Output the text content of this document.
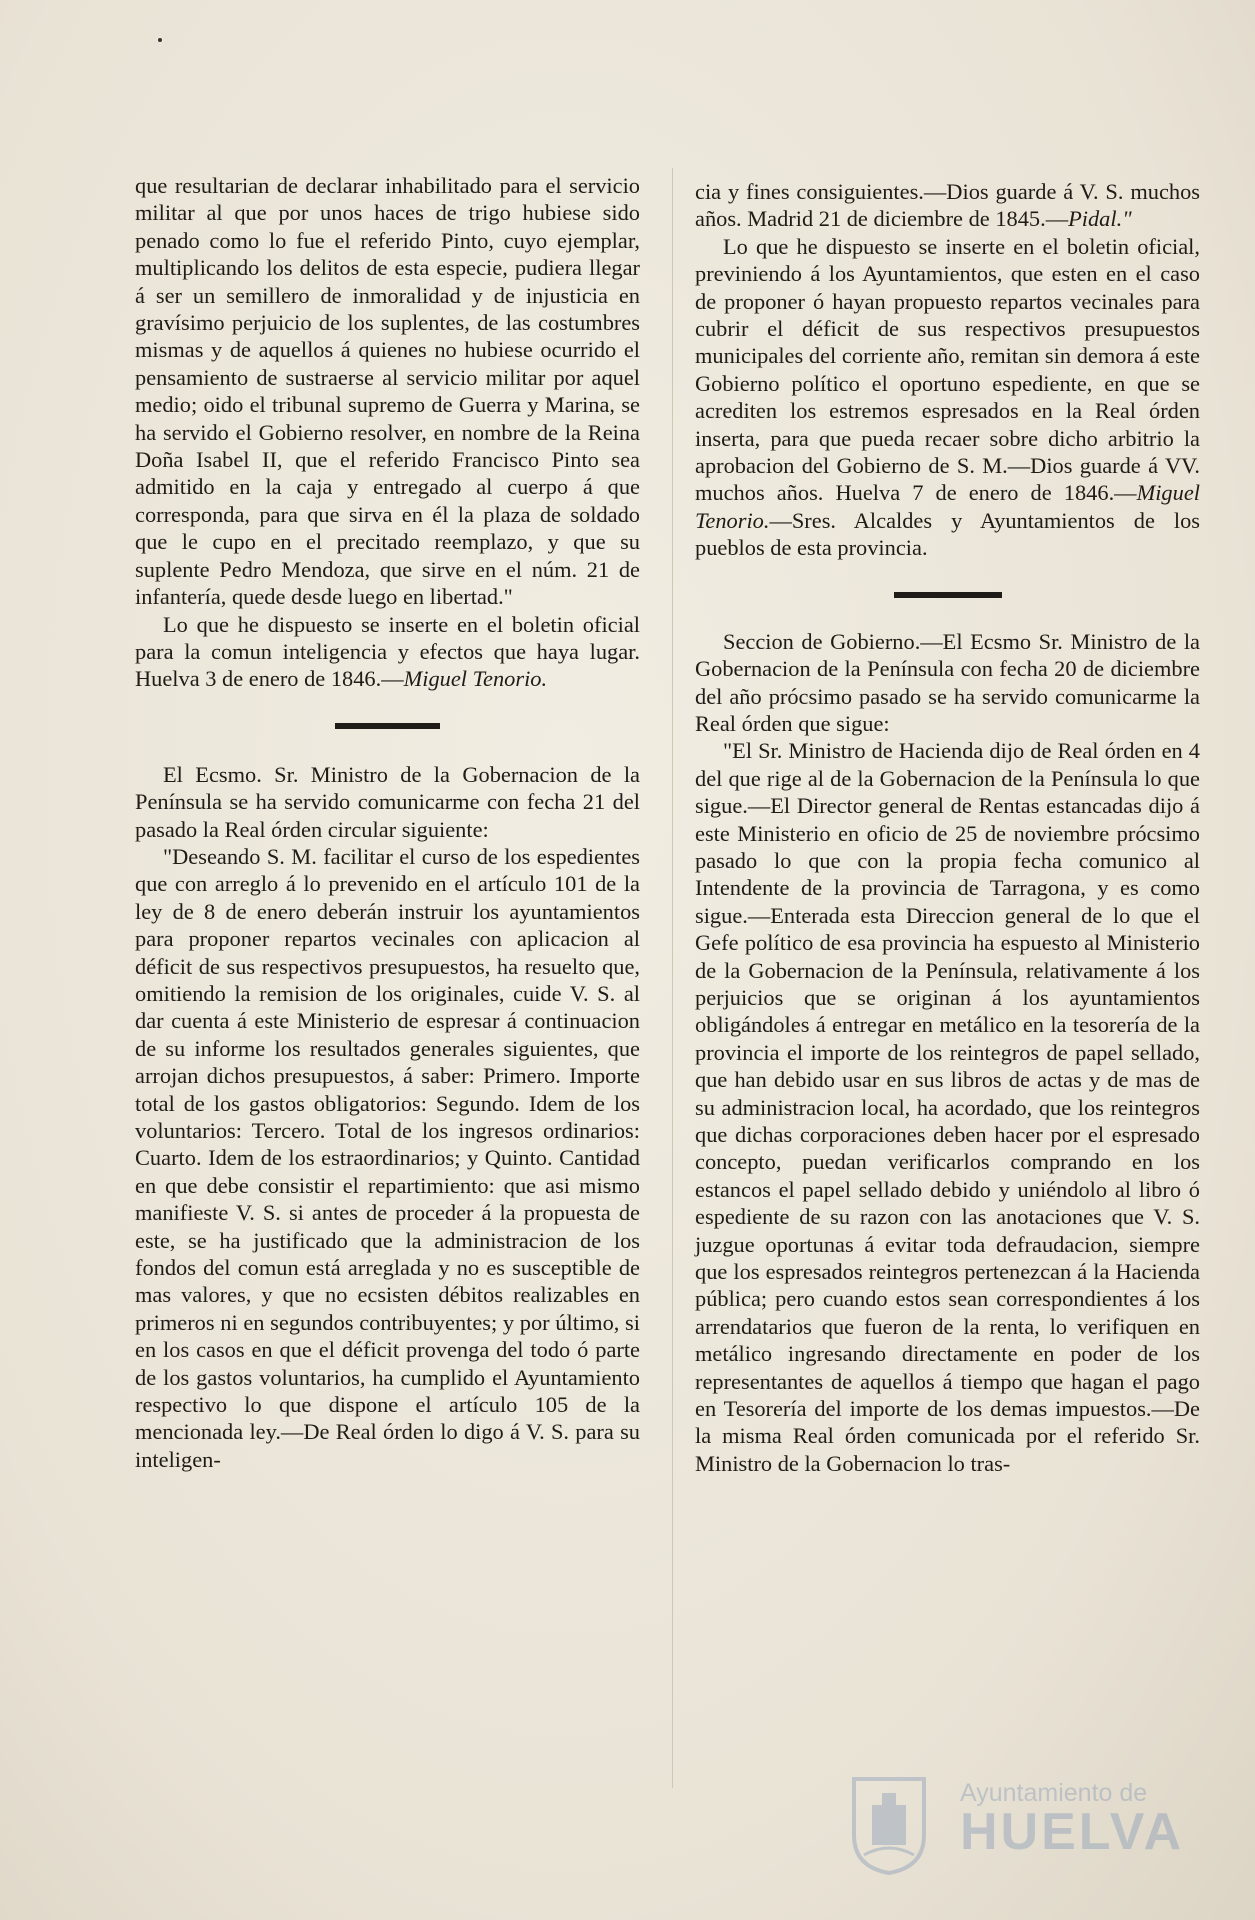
que resultarian de declarar inhabilitado para el servicio militar al que por unos haces de trigo hubiese sido penado como lo fue el referido Pinto, cuyo ejemplar, multiplicando los delitos de esta especie, pudiera llegar á ser un semillero de inmoralidad y de injusticia en gravísimo perjuicio de los suplentes, de las costumbres mismas y de aquellos á quienes no hubiese ocurrido el pensamiento de sustraerse al servicio militar por aquel medio; oido el tribunal supremo de Guerra y Marina, se ha servido el Gobierno resolver, en nombre de la Reina Doña Isabel II, que el referido Francisco Pinto sea admitido en la caja y entregado al cuerpo á que corresponda, para que sirva en él la plaza de soldado que le cupo en el precitado reemplazo, y que su suplente Pedro Mendoza, que sirve en el núm. 21 de infantería, quede desde luego en libertad."

Lo que he dispuesto se inserte en el boletin oficial para la comun inteligencia y efectos que haya lugar. Huelva 3 de enero de 1846.—Miguel Tenorio.

El Ecsmo. Sr. Ministro de la Gobernacion de la Península se ha servido comunicarme con fecha 21 del pasado la Real órden circular siguiente:

"Deseando S. M. facilitar el curso de los espedientes que con arreglo á lo prevenido en el artículo 101 de la ley de 8 de enero deberán instruir los ayuntamientos para proponer repartos vecinales con aplicacion al déficit de sus respectivos presupuestos, ha resuelto que, omitiendo la remision de los originales, cuide V. S. al dar cuenta á este Ministerio de espresar á continuacion de su informe los resultados generales siguientes, que arrojan dichos presupuestos, á saber: Primero. Importe total de los gastos obligatorios: Segundo. Idem de los voluntarios: Tercero. Total de los ingresos ordinarios: Cuarto. Idem de los estraordinarios; y Quinto. Cantidad en que debe consistir el repartimiento: que asi mismo manifieste V. S. si antes de proceder á la propuesta de este, se ha justificado que la administracion de los fondos del comun está arreglada y no es susceptible de mas valores, y que no ecsisten débitos realizables en primeros ni en segundos contribuyentes; y por último, si en los casos en que el déficit provenga del todo ó parte de los gastos voluntarios, ha cumplido el Ayuntamiento respectivo lo que dispone el artículo 105 de la mencionada ley.—De Real órden lo digo á V. S. para su inteligen-

cia y fines consiguientes.—Dios guarde á V. S. muchos años. Madrid 21 de diciembre de 1845.—Pidal."

Lo que he dispuesto se inserte en el boletin oficial, previniendo á los Ayuntamientos, que esten en el caso de proponer ó hayan propuesto repartos vecinales para cubrir el déficit de sus respectivos presupuestos municipales del corriente año, remitan sin demora á este Gobierno político el oportuno espediente, en que se acrediten los estremos espresados en la Real órden inserta, para que pueda recaer sobre dicho arbitrio la aprobacion del Gobierno de S. M.—Dios guarde á VV. muchos años. Huelva 7 de enero de 1846.—Miguel Tenorio.—Sres. Alcaldes y Ayuntamientos de los pueblos de esta provincia.

Seccion de Gobierno.—El Ecsmo Sr. Ministro de la Gobernacion de la Península con fecha 20 de diciembre del año prócsimo pasado se ha servido comunicarme la Real órden que sigue:

"El Sr. Ministro de Hacienda dijo de Real órden en 4 del que rige al de la Gobernacion de la Península lo que sigue.—El Director general de Rentas estancadas dijo á este Ministerio en oficio de 25 de noviembre prócsimo pasado lo que con la propia fecha comunico al Intendente de la provincia de Tarragona, y es como sigue.—Enterada esta Direccion general de lo que el Gefe político de esa provincia ha espuesto al Ministerio de la Gobernacion de la Península, relativamente á los perjuicios que se originan á los ayuntamientos obligándoles á entregar en metálico en la tesorería de la provincia el importe de los reintegros de papel sellado, que han debido usar en sus libros de actas y de mas de su administracion local, ha acordado, que los reintegros que dichas corporaciones deben hacer por el espresado concepto, puedan verificarlos comprando en los estancos el papel sellado debido y uniéndolo al libro ó espediente de su razon con las anotaciones que V. S. juzgue oportunas á evitar toda defraudacion, siempre que los espresados reintegros pertenezcan á la Hacienda pública; pero cuando estos sean correspondientes á los arrendatarios que fueron de la renta, lo verifiquen en metálico ingresando directamente en poder de los representantes de aquellos á tiempo que hagan el pago en Tesorería del importe de los demas impuestos.—De la misma Real órden comunicada por el referido Sr. Ministro de la Gobernacion lo tras-

Ayuntamiento de
HUELVA
